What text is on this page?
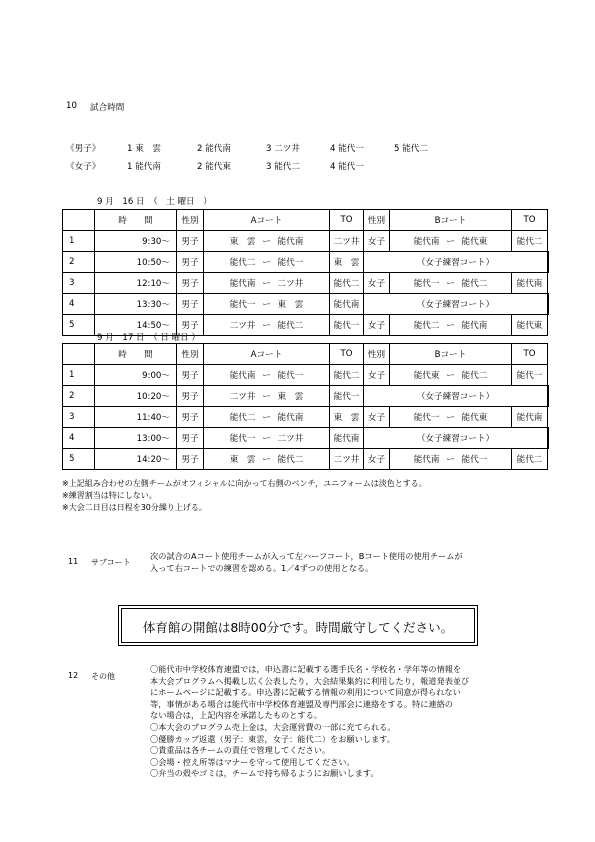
10 試合時間
《男子》	1 東　雲	2 能代南	3 二ツ井	4 能代一	5 能代二
《女子》	1 能代南	2 能代東	3 能代二	4 能代一
9 月　16 日　（　土 曜日　）
	時　　間	性別	Aコート	TO	性別	Bコート	TO	
1	9:30～	男子	東　雲 ー 能代南	二ツ井	女子	能代南 ー 能代東	能代二	
2	10:50～	男子	能代二 ー 能代一	東　雲	（女子練習コート）			
3	12:10～	男子	能代南 ー 二ツ井	能代二	女子	能代一 ー 能代二	能代南	
4	13:30～	男子	能代一 ー 東　雲	能代南	（女子練習コート）			
5	14:50～	男子	二ツ井 ー 能代二	能代一	女子	能代二 ー 能代南	能代東	
9 月　17 日　（ 日 曜日 ）
	時　　間	性別	Aコート	TO	性別	Bコート	TO	
1	9:00～	男子	能代南 ー 能代一	能代二	女子	能代東 ー 能代二	能代一	
2	10:20～	男子	二ツ井 ー 東　雲	能代一	（女子練習コート）			
3	11:40～	男子	能代二 ー 能代南	東　雲	女子	能代一 ー 能代東	能代南	
4	13:00～	男子	能代一 ー 二ツ井	能代南	（女子練習コート）			
5	14:20～	男子	東　雲 ー 能代二	二ツ井	女子	能代南 ー 能代一	能代二	
※上記組み合わせの左側チームがオフィシャルに向かって右側のベンチ，ユニフォームは淡色とする。
※練習割当は特にしない。
※大会二日目は日程を30分繰り上げる。
11 サブコート
次の試合のAコート使用チームが入って左ハーフコート，Bコート使用の使用チームが
入って右コートでの練習を認める。1／4ずつの使用となる。
体育館の開館は8時00分です。時間厳守してください。
12 その他
〇能代市中学校体育連盟では，申込書に記載する選手氏名・学校名・学年等の情報を
本大会プログラムへ掲載し広く公表したり，大会結果集約に利用したり，報道発表並び
にホームページに記載する。申込書に記載する情報の利用について同意が得られない
等，事情がある場合は能代市中学校体育連盟及専門部会に連絡をする。特に連絡の
ない場合は，上記内容を承諾したものとする。
〇本大会のプログラム売上金は，大会運営費の一部に充てられる。
〇優勝カップ返還（男子：東雲，女子：能代二）をお願いします。
〇貴重品は各チームの責任で管理してください。
〇会場・控え所等はマナーを守って使用してください。
〇弁当の殻やゴミは，チームで持ち帰るようにお願いします。
